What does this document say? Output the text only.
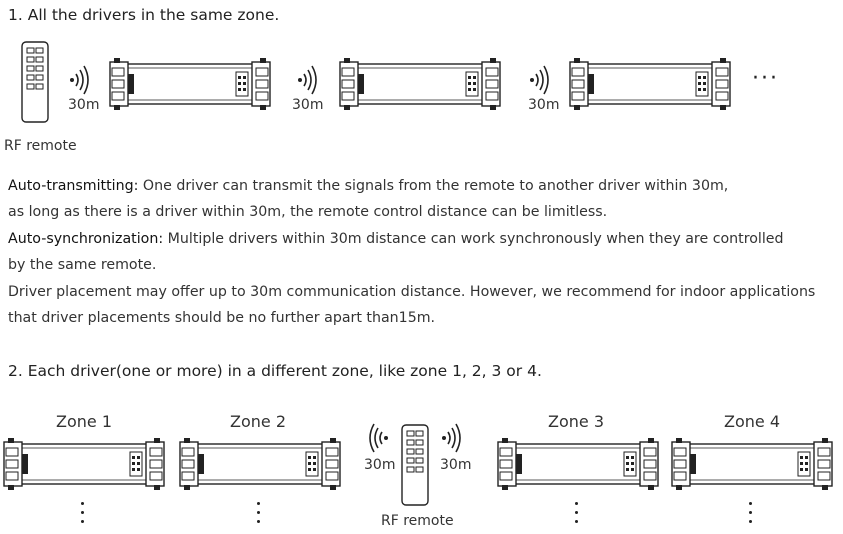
1. All the drivers in the same zone.
RF remote
30m	30m	30m
···
Auto-transmitting: One driver can transmit the signals from the remote to another driver within 30m,
as long as there is a driver within 30m, the remote control distance can be limitless.
Auto-synchronization: Multiple drivers within 30m distance can work synchronously when they are controlled
by the same remote.
Driver placement may offer up to 30m communication distance. However, we recommend for indoor applications
that driver placements should be no further apart than15m.
2. Each driver(one or more) in a different zone, like zone 1, 2, 3 or 4.
Zone 1	Zone 2	Zone 3	Zone 4
30m	30m
RF remote
